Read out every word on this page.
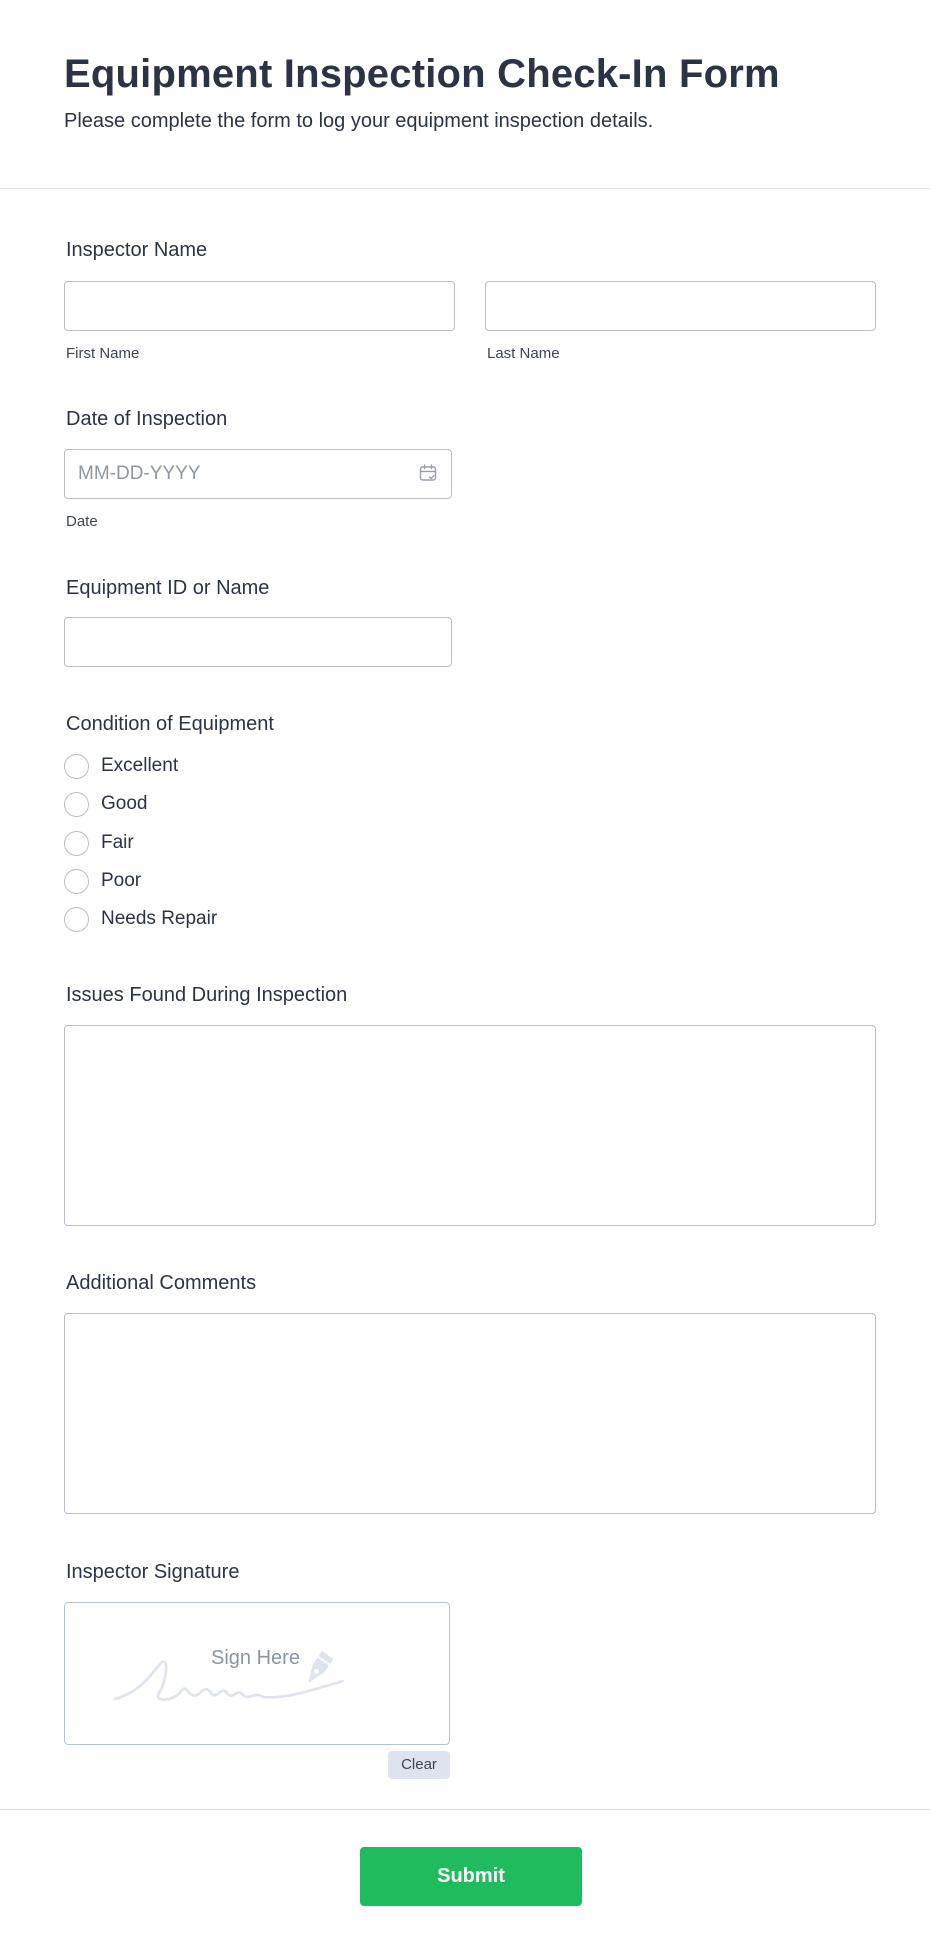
Equipment Inspection Check-In Form

Please complete the form to log your equipment inspection details.

Inspector Name
First Name	Last Name
Date of Inspection
MM-DD-YYYY
Date
Equipment ID or Name
Condition of Equipment
Excellent
Good
Fair
Poor
Needs Repair
Issues Found During Inspection
Additional Comments
Inspector Signature
Sign Here
Clear
Submit
